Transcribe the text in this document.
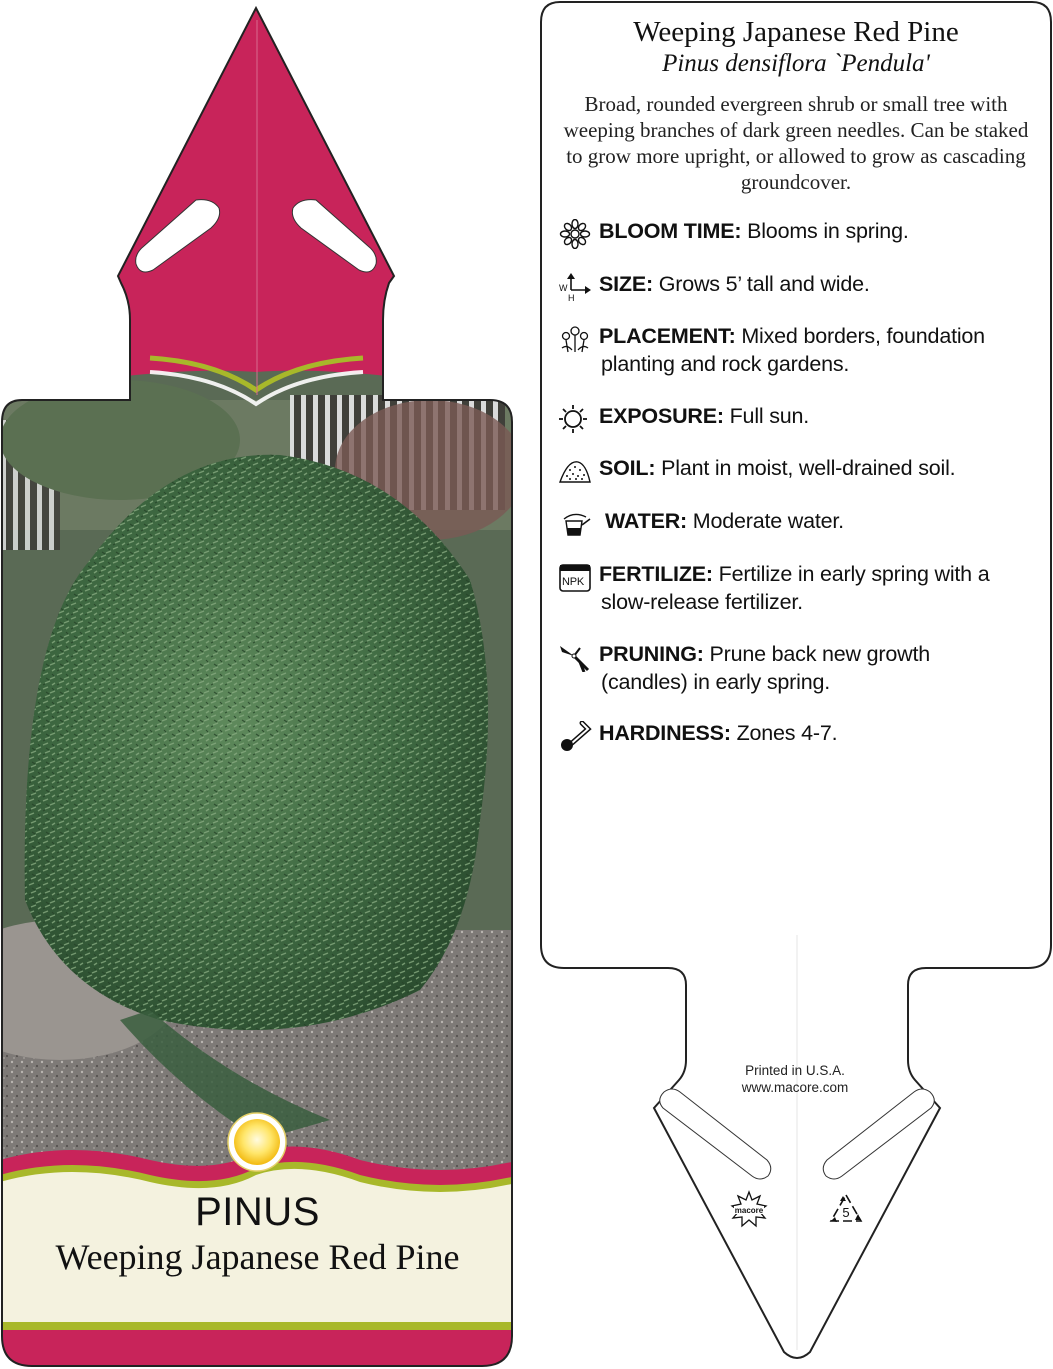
PINUS
Weeping Japanese Red Pine
Weeping Japanese Red Pine
Pinus densiflora `Pendula'
Broad, rounded evergreen shrub or small tree with weeping branches of dark green needles. Can be staked to grow more upright, or allowed to grow as cascading groundcover.
BLOOM TIME: Blooms in spring.
W
H
SIZE: Grows 5’ tall and wide.
PLACEMENT: Mixed borders, foundation
planting and rock gardens.
EXPOSURE: Full sun.
SOIL: Plant in moist, well-drained soil.
WATER: Moderate water.
NPK FERTILIZE: Fertilize in early spring with a
slow-release fertilizer.
PRUNING: Prune back new growth
(candles) in early spring.
HARDINESS: Zones 4-7.
Printed in U.S.A.
www.macore.com
macore	5
